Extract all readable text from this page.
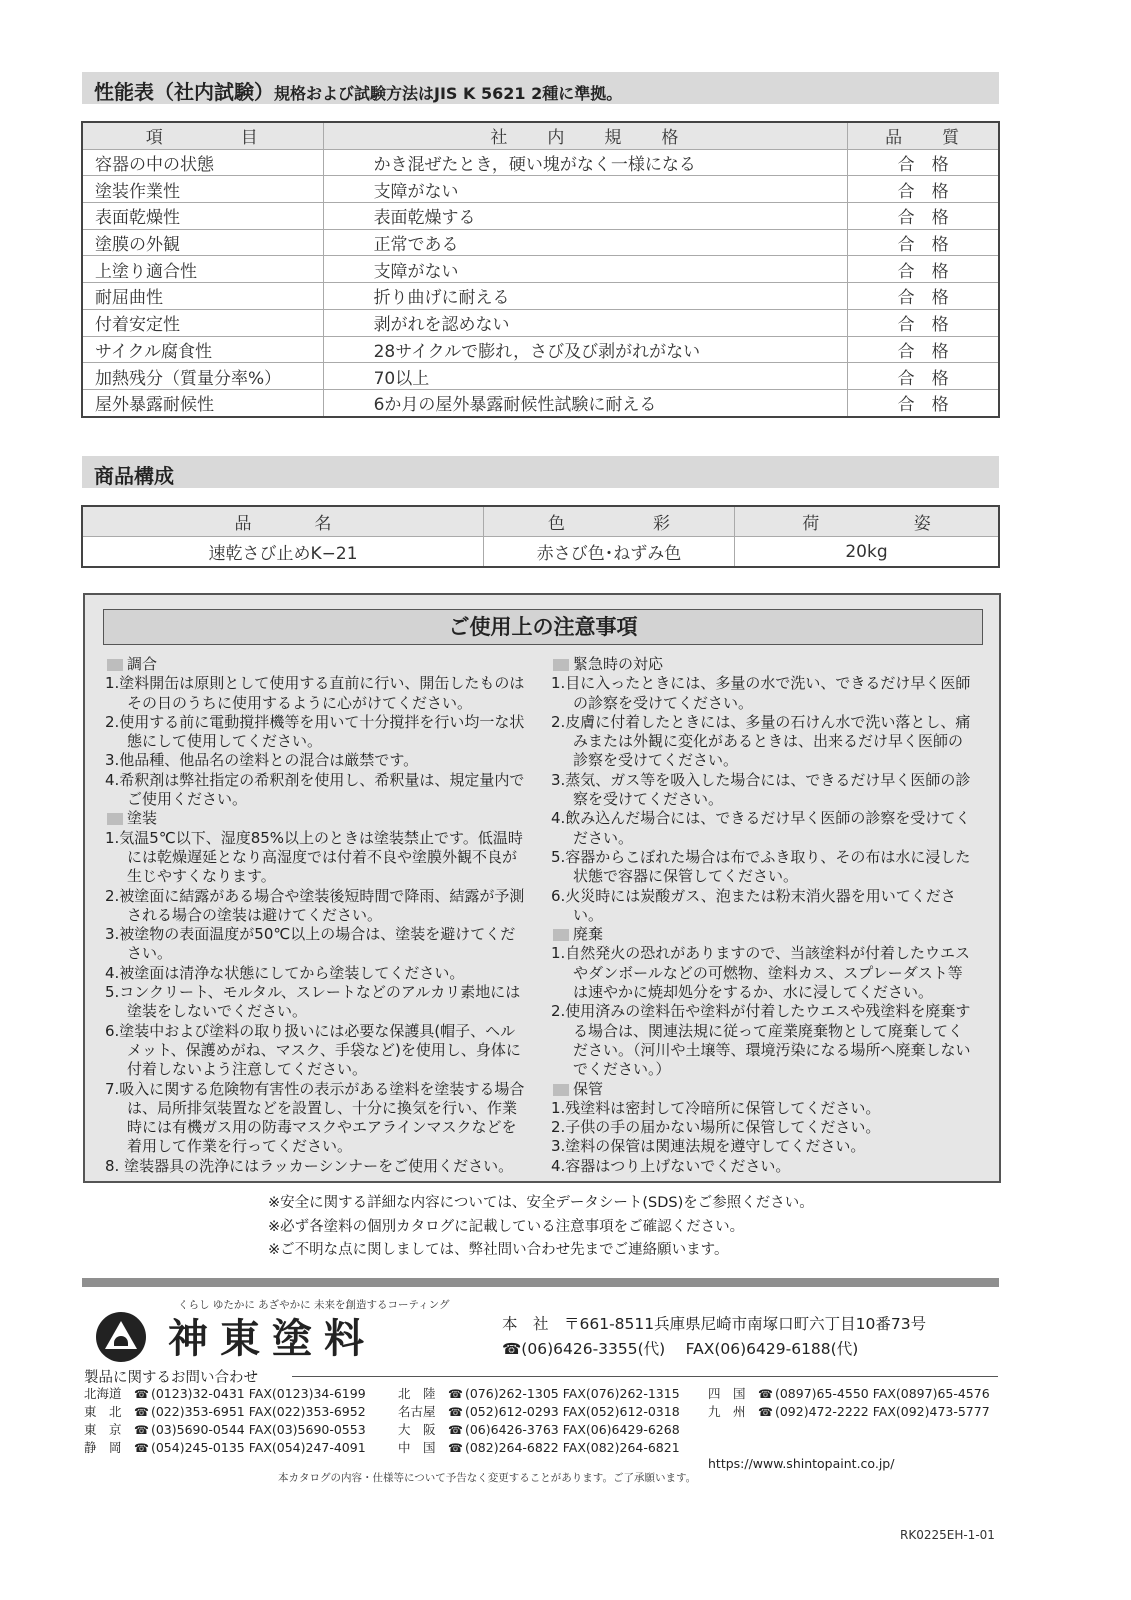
性能表（社内試験）規格および試験方法はJIS K 5621 2種に準拠。
項　　　　目	社　　内　　規　　格	品　　質
容器の中の状態	かき混ぜたとき，硬い塊がなく一様になる	合　格
塗装作業性	支障がない	合　格
表面乾燥性	表面乾燥する	合　格
塗膜の外観	正常である	合　格
上塗り適合性	支障がない	合　格
耐屈曲性	折り曲げに耐える	合　格
付着安定性	剥がれを認めない	合　格
サイクル腐食性	28サイクルで膨れ，さび及び剥がれがない	合　格
加熱残分（質量分率%）	70以上	合　格
屋外暴露耐候性	6か月の屋外暴露耐候性試験に耐える	合　格
商品構成
品 名	色 彩	荷 姿

速乾さび止めK−21	赤さび色･ねずみ色	20kg
ご使用上の注意事項
調合
1.塗料開缶は原則として使用する直前に行い、開缶したものはその日のうちに使用するように心がけてください。
2.使用する前に電動撹拌機等を用いて十分撹拌を行い均一な状態にして使用してください。
3.他品種、他品名の塗料との混合は厳禁です。
4.希釈剤は弊社指定の希釈剤を使用し、希釈量は、規定量内でご使用ください。
塗装
1.気温5℃以下、湿度85%以上のときは塗装禁止です。低温時には乾燥遅延となり高湿度では付着不良や塗膜外観不良が生じやすくなります。
2.被塗面に結露がある場合や塗装後短時間で降雨、結露が予測される場合の塗装は避けてください。
3.被塗物の表面温度が50℃以上の場合は、塗装を避けてください。
4.被塗面は清浄な状態にしてから塗装してください。
5.コンクリート、モルタル、スレートなどのアルカリ素地には塗装をしないでください。
6.塗装中および塗料の取り扱いには必要な保護具(帽子、ヘルメット、保護めがね、マスク、手袋など)を使用し、身体に付着しないよう注意してください。
7.吸入に関する危険物有害性の表示がある塗料を塗装する場合は、局所排気装置などを設置し、十分に換気を行い、作業時には有機ガス用の防毒マスクやエアラインマスクなどを着用して作業を行ってください。
8. 塗装器具の洗浄にはラッカーシンナーをご使用ください。
緊急時の対応
1.目に入ったときには、多量の水で洗い、できるだけ早く医師の診察を受けてください。
2.皮膚に付着したときには、多量の石けん水で洗い落とし、痛みまたは外観に変化があるときは、出来るだけ早く医師の診察を受けてください。
3.蒸気、ガス等を吸入した場合には、できるだけ早く医師の診察を受けてください。
4.飲み込んだ場合には、できるだけ早く医師の診察を受けてください。
5.容器からこぼれた場合は布でふき取り、その布は水に浸した状態で容器に保管してください。
6.火災時には炭酸ガス、泡または粉末消火器を用いてください。
廃棄
1.自然発火の恐れがありますので、当該塗料が付着したウエスやダンボールなどの可燃物、塗料カス、スプレーダスト等は速やかに焼却処分をするか、水に浸してください。
2.使用済みの塗料缶や塗料が付着したウエスや残塗料を廃棄する場合は、関連法規に従って産業廃棄物として廃棄してください。（河川や土壌等、環境汚染になる場所へ廃棄しないでください。）
保管
1.残塗料は密封して冷暗所に保管してください。
2.子供の手の届かない場所に保管してください。
3.塗料の保管は関連法規を遵守してください。
4.容器はつり上げないでください。
※安全に関する詳細な内容については、安全データシート(SDS)をご参照ください。
※必ず各塗料の個別カタログに記載している注意事項をご確認ください。
※ご不明な点に関しましては、弊社問い合わせ先までご連絡願います。
くらし ゆたかに あざやかに 未来を創造するコーティング
神東塗料	本　社　〒661-8511兵庫県尼崎市南塚口町六丁目10番73号
☎(06)6426-3355(代)　 FAX(06)6429-6188(代)
製品に関するお問い合わせ
北海道 ☎ (0123)32-0431 FAX(0123)34-6199
東　北 ☎ (022)353-6951 FAX(022)353-6952
東　京 ☎ (03)5690-0544 FAX(03)5690-0553
静　岡 ☎ (054)245-0135 FAX(054)247-4091
北　陸 ☎ (076)262-1305 FAX(076)262-1315
名古屋 ☎ (052)612-0293 FAX(052)612-0318
大　阪 ☎ (06)6426-3763 FAX(06)6429-6268
中　国 ☎ (082)264-6822 FAX(082)264-6821
四　国 ☎ (0897)65-4550 FAX(0897)65-4576
九　州 ☎ (092)472-2222 FAX(092)473-5777
https://www.shintopaint.co.jp/
本カタログの内容・仕様等について予告なく変更することがあります。ご了承願います。
RK0225EH-1-01
